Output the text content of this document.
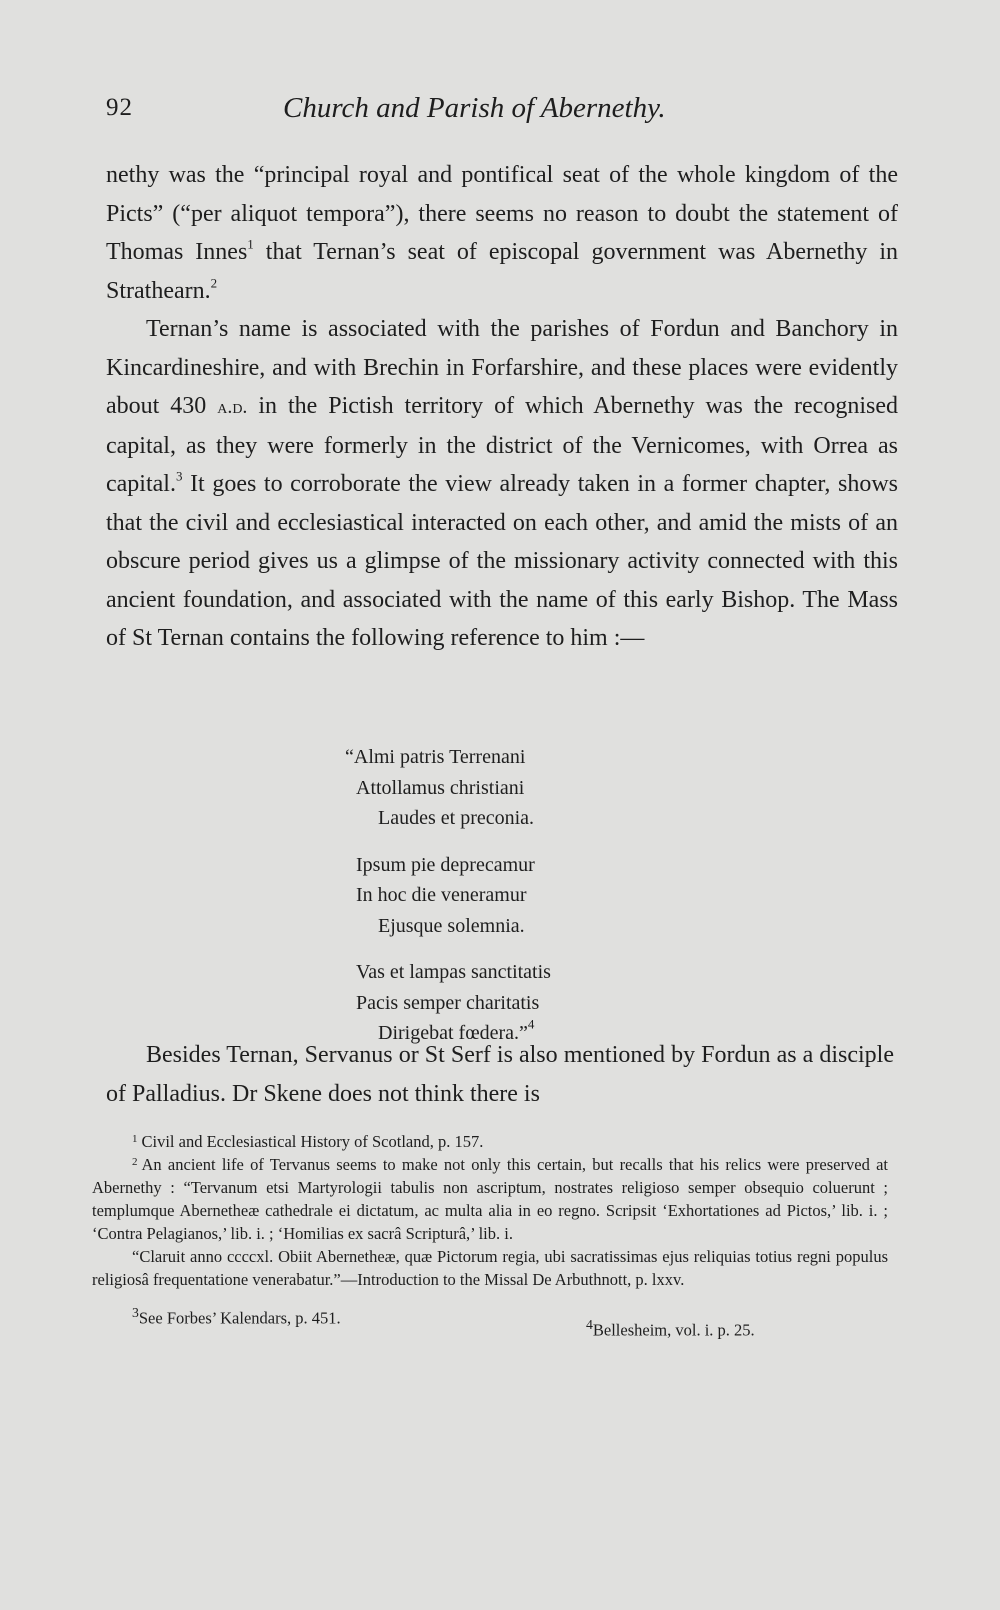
92	Church and Parish of Abernethy.

nethy was the “principal royal and pontifical seat of the whole kingdom of the Picts” (“per aliquot tempora”), there seems no reason to doubt the statement of Thomas Innes$^1$ that Ternan’s seat of episcopal government was Abernethy in Strathearn.$^2$

Ternan’s name is associated with the parishes of Fordun and Banchory in Kincardineshire, and with Brechin in Forfarshire, and these places were evidently about 430 a.d. in the Pictish territory of which Abernethy was the recognised capital, as they were formerly in the district of the Vernicomes, with Orrea as capital.$^3$ It goes to corroborate the view already taken in a former chapter, shows that the civil and ecclesiastical interacted on each other, and amid the mists of an obscure period gives us a glimpse of the missionary activity connected with this ancient foundation, and associated with the name of this early Bishop. The Mass of St Ternan contains the following reference to him :—

“Almi patris Terrenani
Attollamus christiani
Laudes et preconia.
Ipsum pie deprecamur
In hoc die veneramur
Ejusque solemnia.
Vas et lampas sanctitatis
Pacis semper charitatis
Dirigebat fœdera.”$^4$

Besides Ternan, Servanus or St Serf is also mentioned by Fordun as a disciple of Palladius. Dr Skene does not think there is

$^1$ Civil and Ecclesiastical History of Scotland, p. 157.

$^2$ An ancient life of Tervanus seems to make not only this certain, but recalls that his relics were preserved at Abernethy : “Tervanum etsi Martyrologii tabulis non ascriptum, nostrates religioso semper obsequio coluerunt ; templumque Abernetheæ cathedrale ei dictatum, ac multa alia in eo regno. Scripsit ‘Exhortationes ad Pictos,’ lib. i. ; ‘Contra Pelagianos,’ lib. i. ; ‘Homilias ex sacrâ Scripturâ,’ lib. i.

“Claruit anno ccccxl. Obiit Abernetheæ, quæ Pictorum regia, ubi sacratissimas ejus reliquias totius regni populus religiosâ frequentatione venerabatur.”—Introduction to the Missal De Arbuthnott, p. lxxv.

$^3$See Forbes’ Kalendars, p. 451.	$^4$Bellesheim, vol. i. p. 25.
